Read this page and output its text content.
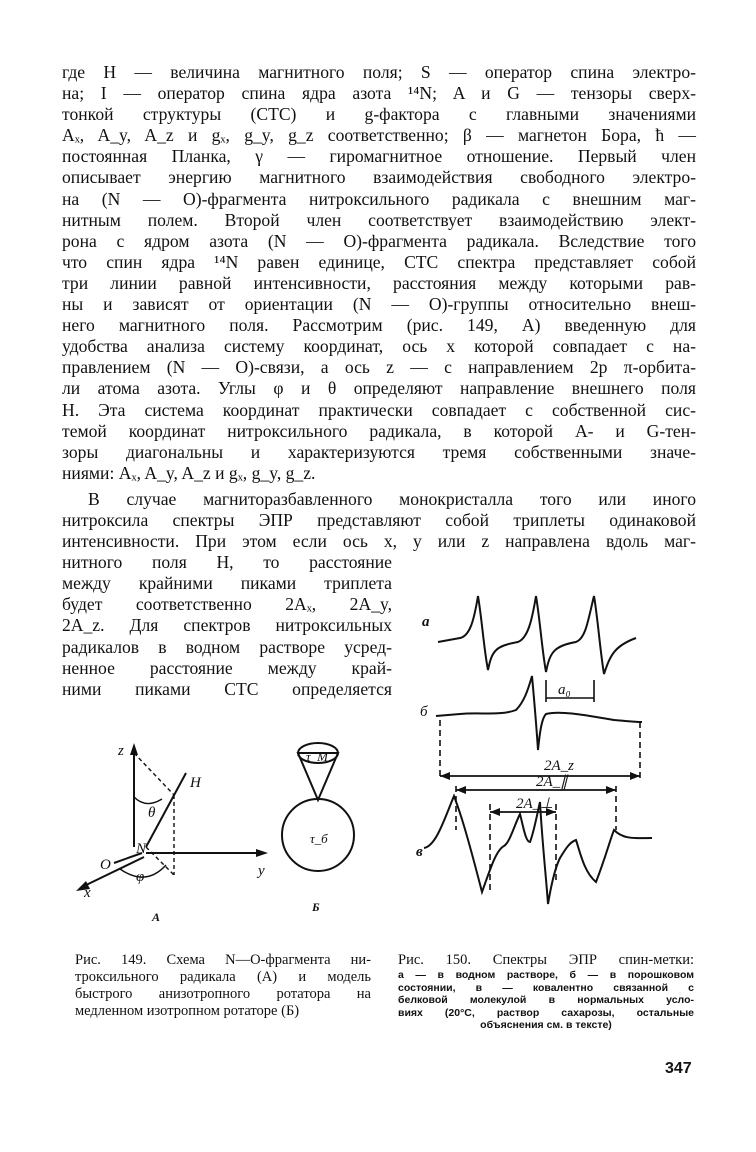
где H — величина магнитного поля; S — оператор спина электро-
на; I — оператор спина ядра азота ¹⁴N; A и G — тензоры сверх-
тонкой структуры (СТС) и g-фактора с главными значениями
Aₓ, A_y, A_z и gₓ, g_y, g_z соответственно; β — магнетон Бора, ħ —
постоянная Планка, γ — гиромагнитное отношение. Первый член
описывает энергию магнитного взаимодействия свободного электро-
на (N — O)-фрагмента нитроксильного радикала с внешним маг-
нитным полем. Второй член соответствует взаимодействию элект-
рона с ядром азота (N — O)-фрагмента радикала. Вследствие того
что спин ядра ¹⁴N равен единице, СТС спектра представляет собой
три линии равной интенсивности, расстояния между которыми рав-
ны и зависят от ориентации (N — O)-группы относительно внеш-
него магнитного поля. Рассмотрим (рис. 149, A) введенную для
удобства анализа систему координат, ось x которой совпадает с на-
правлением (N — O)-связи, а ось z — с направлением 2p π-орбита-
ли атома азота. Углы φ и θ определяют направление внешнего поля
H. Эта система координат практически совпадает с собственной сис-
темой координат нитроксильного радикала, в которой A- и G-тен-
зоры диагональны и характеризуются тремя собственными значе-
ниями: Aₓ, A_y, A_z и gₓ, g_y, g_z.

В случае магниторазбавленного монокристалла того или иного
нитроксила спектры ЭПР представляют собой триплеты одинаковой
интенсивности. При этом если ось x, y или z направлена вдоль маг-

нитного поля H, то расстояние
между крайними пиками триплета
будет соответственно 2Aₓ, 2A_y,
2A_z. Для спектров нитроксильных
радикалов в водном растворе усред-
ненное расстояние между край-
ними пиками СТС определяется

z
H
θ
N
y
O
x
φ
A
Б
τ_M
τ_б
а
б
в
a₀
2A_z
2A_∥
2A_⊥
Рис. 149. Схема N—O-фрагмента ни-
троксильного радикала (A) и модель
быстрого анизотропного ротатора на
медленном изотропном ротаторе (Б)
Рис. 150. Спектры ЭПР спин-метки:
а — в водном растворе, б — в порошковом
состоянии, в — ковалентно связанной с
белковой молекулой в нормальных усло-
виях (20°С, раствор сахарозы, остальные
объяснения см. в тексте)
347
